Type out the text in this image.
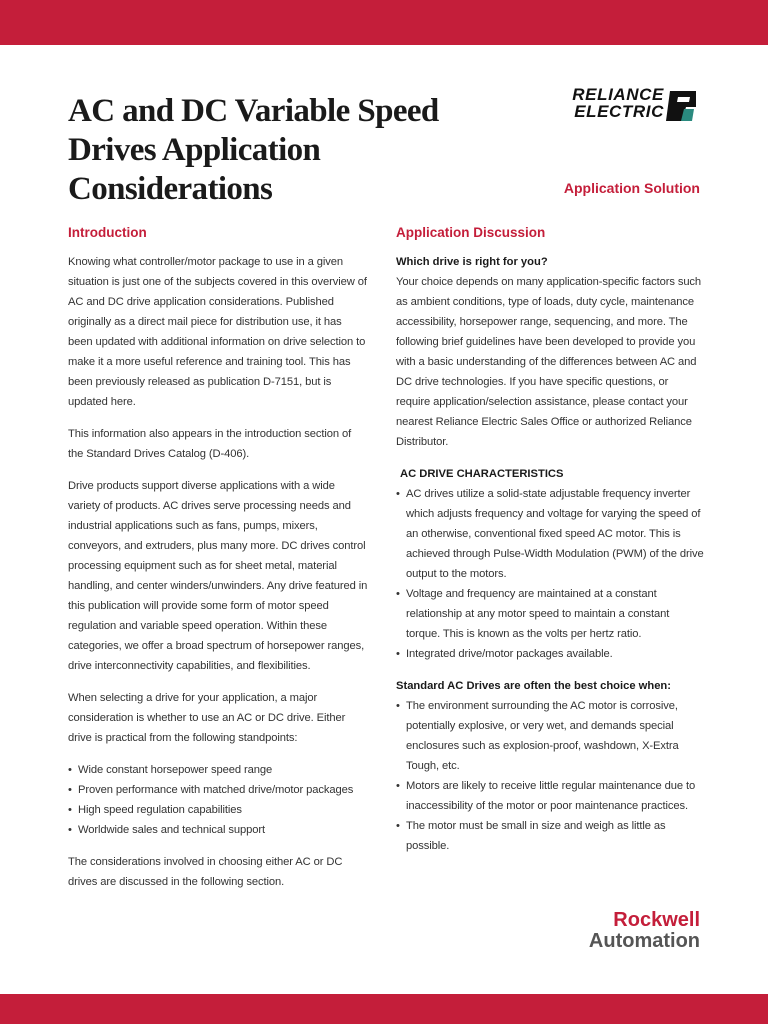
AC and DC Variable Speed
Drives Application
Considerations
RELIANCE
ELECTRIC
Application Solution
Introduction

Knowing what controller/motor package to use in a given situation is just one of the subjects covered in this overview of AC and DC drive application considerations. Published originally as a direct mail piece for distribution use, it has been updated with additional information on drive selection to make it a more useful reference and training tool. This has been previously released as publication D-7151, but is updated here.

This information also appears in the introduction section of the Standard Drives Catalog (D-406).

Drive products support diverse applications with a wide variety of products. AC drives serve processing needs and industrial applications such as fans, pumps, mixers, conveyors, and extruders, plus many more. DC drives control processing equipment such as for sheet metal, material handling, and center winders/unwinders. Any drive featured in this publication will provide some form of motor speed regulation and variable speed operation. Within these categories, we offer a broad spectrum of horsepower ranges, drive interconnectivity capabilities, and flexibilities.

When selecting a drive for your application, a major consideration is whether to use an AC or DC drive. Either drive is practical from the following standpoints:

• Wide constant horsepower speed range
• Proven performance with matched drive/motor packages
• High speed regulation capabilities
• Worldwide sales and technical support

The considerations involved in choosing either AC or DC drives are discussed in the following section.

Application Discussion
Which drive is right for you?

Your choice depends on many application-specific factors such as ambient conditions, type of loads, duty cycle, maintenance accessibility, horsepower range, sequencing, and more. The following brief guidelines have been developed to provide you with a basic understanding of the differences between AC and DC drive technologies. If you have specific questions, or require application/selection assistance, please contact your nearest Reliance Electric Sales Office or authorized Reliance Distributor.

AC DRIVE CHARACTERISTICS
• AC drives utilize a solid-state adjustable frequency inverter which adjusts frequency and voltage for varying the speed of an otherwise, conventional fixed speed AC motor. This is achieved through Pulse-Width Modulation (PWM) of the drive output to the motors.
• Voltage and frequency are maintained at a constant relationship at any motor speed to maintain a constant torque. This is known as the volts per hertz ratio.
• Integrated drive/motor packages available.
Standard AC Drives are often the best choice when:
• The environment surrounding the AC motor is corrosive, potentially explosive, or very wet, and demands special enclosures such as explosion-proof, washdown, X-Extra Tough, etc.
• Motors are likely to receive little regular maintenance due to inaccessibility of the motor or poor maintenance practices.
• The motor must be small in size and weigh as little as possible.
Rockwell
Automation
